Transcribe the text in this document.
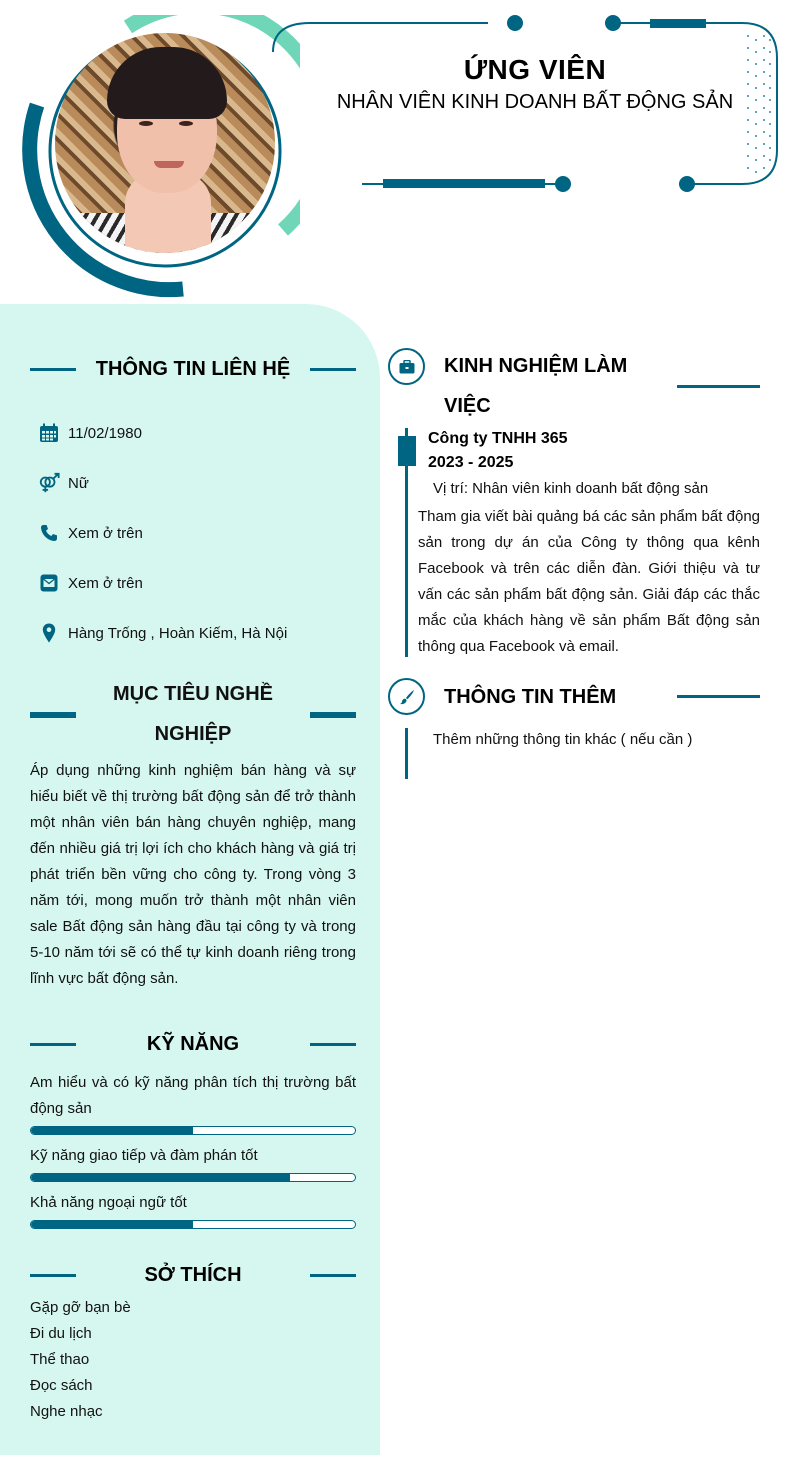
ỨNG VIÊN
NHÂN VIÊN KINH DOANH BẤT ĐỘNG SẢN
THÔNG TIN LIÊN HỆ
11/02/1980
Nữ
Xem ở trên
Xem ở trên
Hàng Trống , Hoàn Kiếm, Hà Nội
MỤC TIÊU NGHỀ
NGHIỆP
Áp dụng những kinh nghiệm bán hàng và sự hiểu biết về thị trường bất động sản để trở thành một nhân viên bán hàng chuyên nghiệp, mang đến nhiều giá trị lợi ích cho khách hàng và giá trị phát triển bền vững cho công ty. Trong vòng 3 năm tới, mong muốn trở thành một nhân viên sale Bất động sản hàng đầu tại công ty và trong 5-10 năm tới sẽ có thể tự kinh doanh riêng trong lĩnh vực bất động sản.
KỸ NĂNG
Am hiểu và có kỹ năng phân tích thị trường bất động sản
Kỹ năng giao tiếp và đàm phán tốt
Khả năng ngoại ngữ tốt
SỞ THÍCH
Gặp gỡ bạn bè
Đi du lịch
Thể thao
Đọc sách
Nghe nhạc
KINH NGHIỆM LÀM
VIỆC
Công ty TNHH 365
2023 - 2025
Vị trí: Nhân viên kinh doanh bất động sản
Tham gia viết bài quảng bá các sản phẩm bất động sản trong dự án của Công ty thông qua kênh Facebook và trên các diễn đàn. Giới thiệu và tư vấn các sản phẩm bất động sản. Giải đáp các thắc mắc của khách hàng về sản phẩm Bất động sản thông qua Facebook và email.
THÔNG TIN THÊM
Thêm những thông tin khác ( nếu cần )
